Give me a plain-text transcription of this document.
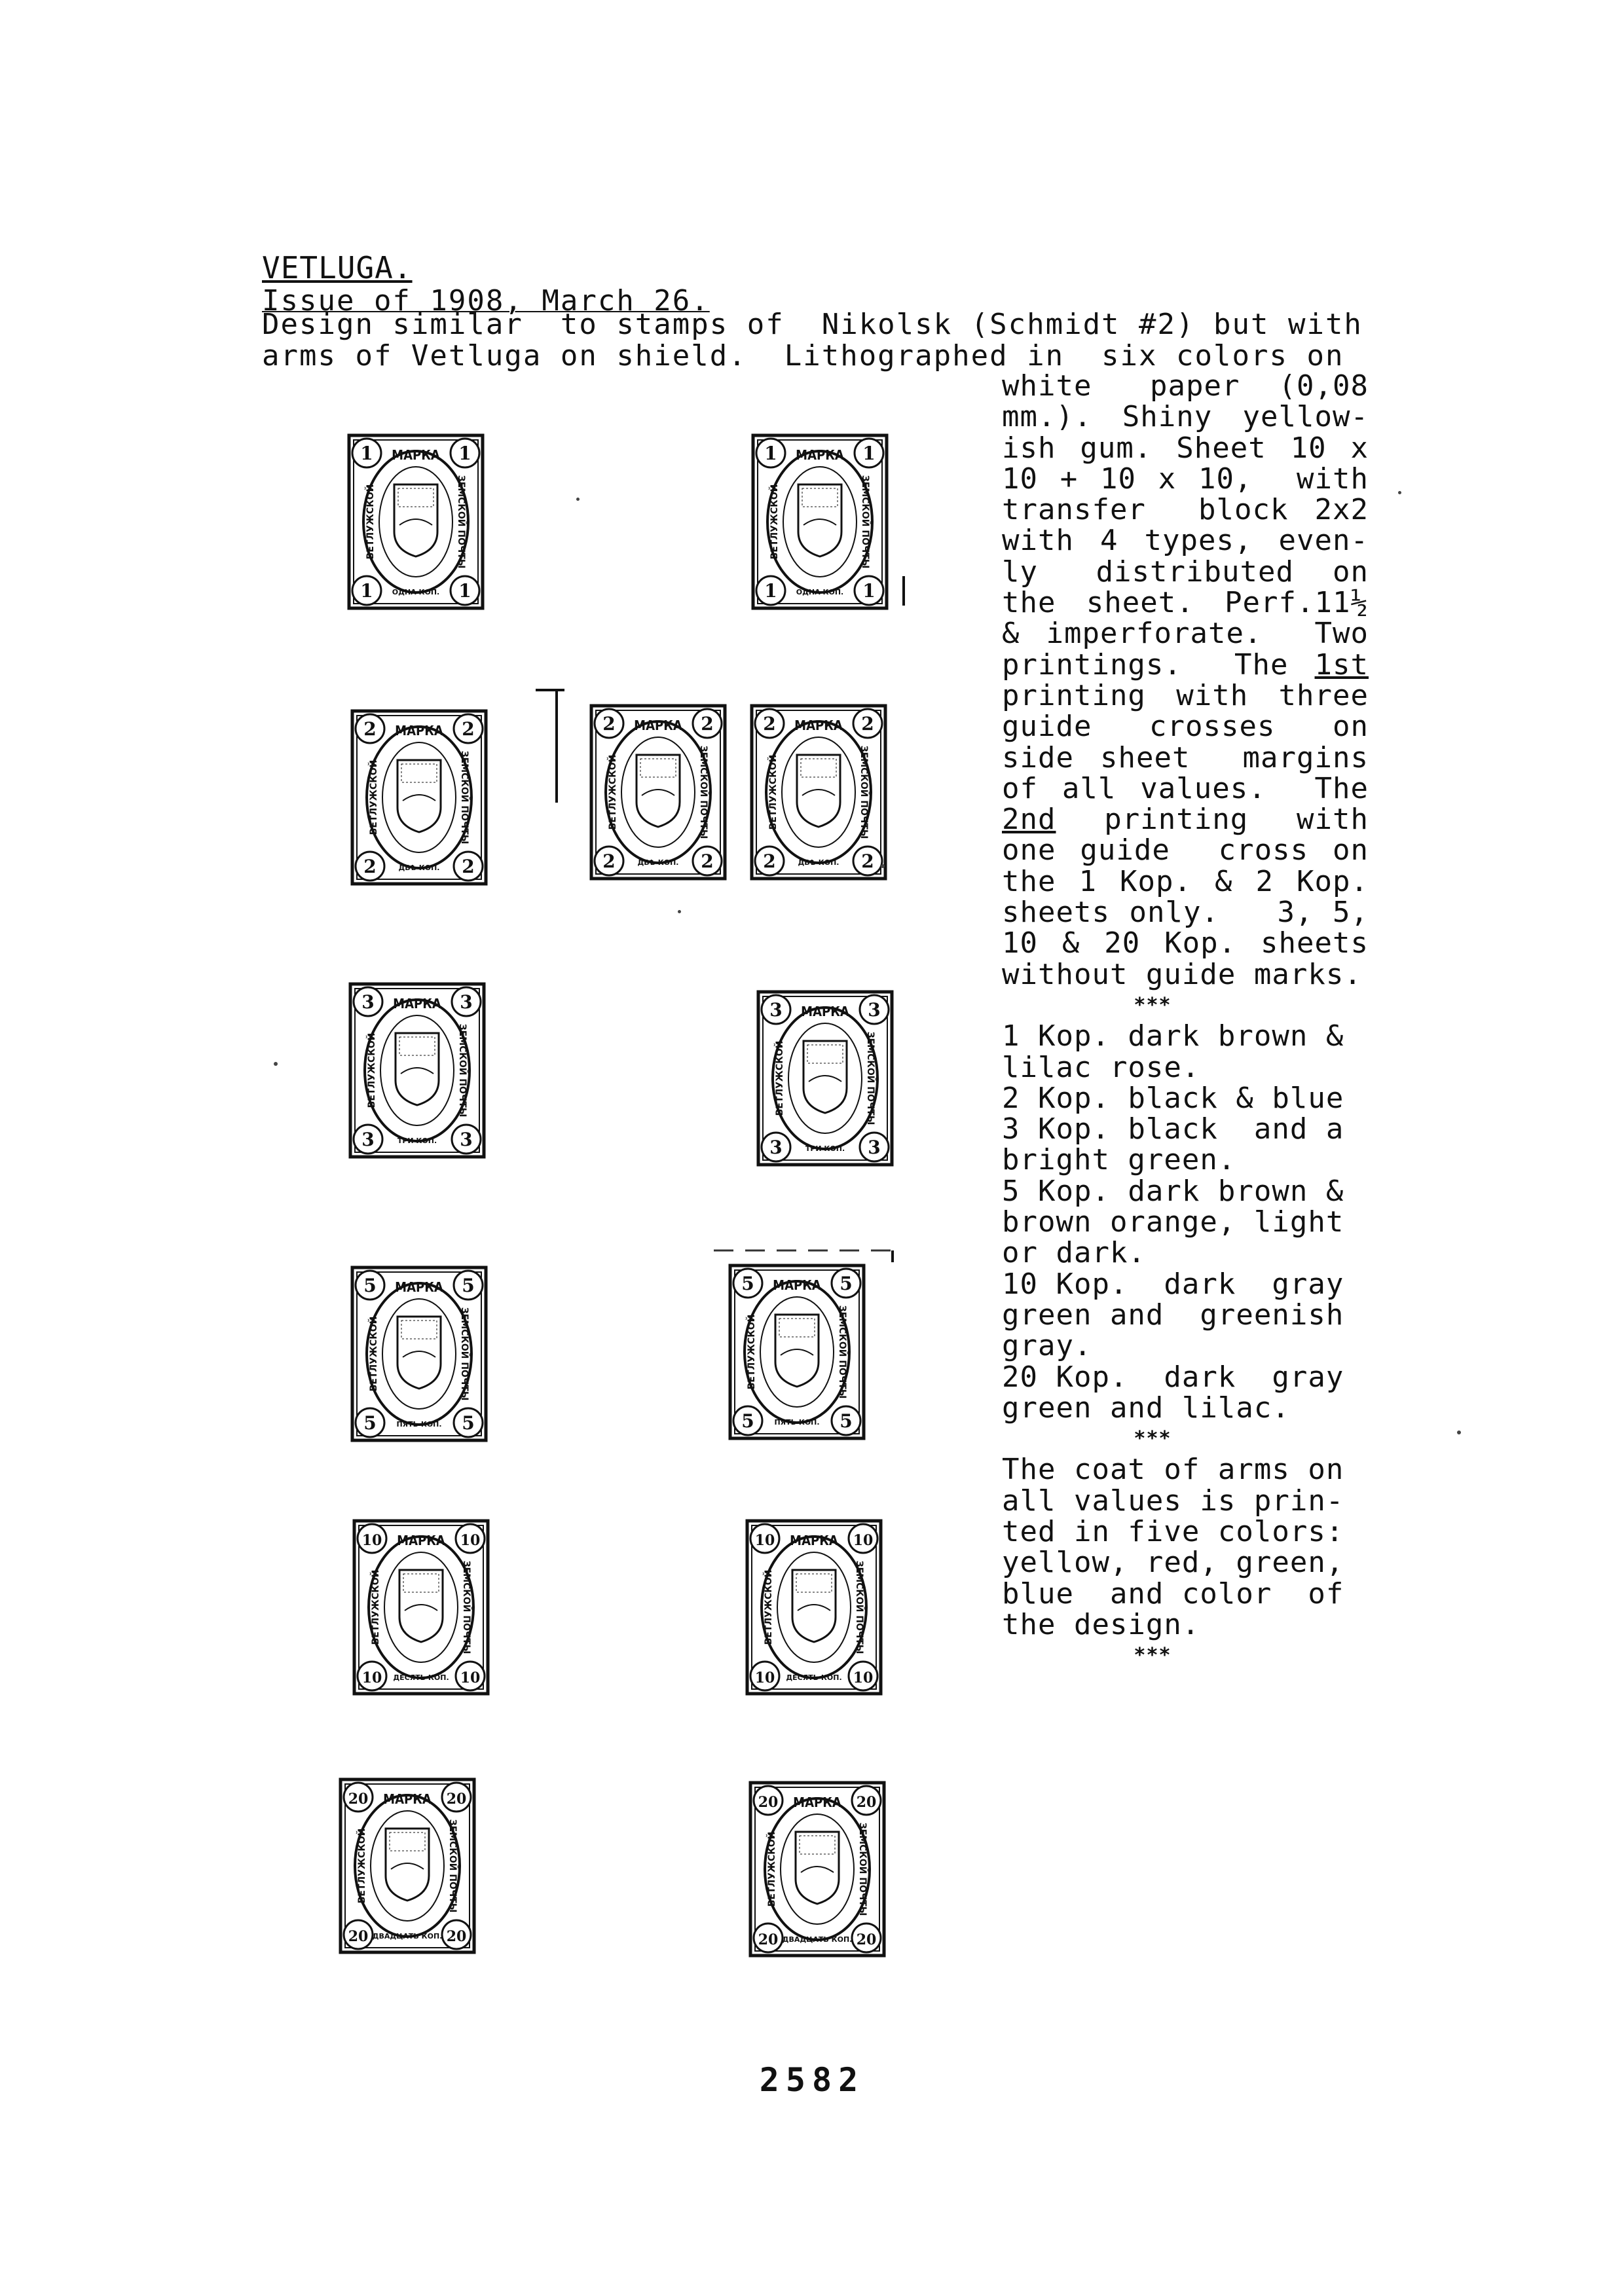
VETLUGA.
Issue of 1908, March 26.
Design similar  to stamps of  Nikolsk (Schmidt #2) but with
arms of Vetluga on shield.  Lithographed in  six colors on
white   paper  (0,08
mm.). Shiny yellow-
ish gum. Sheet 10 x
10 + 10 x 10,  with
transfer  block 2x2
with 4 types, even-
ly   distributed  on
the sheet. Perf.11½
& imperforate.  Two
printings.  The 1st
printing with three
guide   crosses   on
side sheet  margins
of all values.  The
2nd  printing  with
one guide  cross on
the 1 Kop. & 2 Kop.
sheets only.   3, 5,
10 & 20 Kop. sheets
without guide marks.
***
1 Kop. dark brown &
lilac rose.
2 Kop. black & blue
3 Kop. black  and a
bright green.
5 Kop. dark brown &
brown orange, light
or dark.
10 Kop.  dark  gray
green and  greenish
gray.
20 Kop.  dark  gray
green and lilac.
***
The coat of arms on
all values is prin-
ted in five colors:
yellow, red, green,
blue  and color  of
the design.
***
1	1
1	1
МАРКА
ОДНА КОП.
ВЕТЛУЖСКОЙ	ЗЕМСКОЙ ПОЧТЫ
1	1
1	1
МАРКА
ОДНА КОП.
ВЕТЛУЖСКОЙ	ЗЕМСКОЙ ПОЧТЫ
2	2
2	2
МАРКА
ДВѢ КОП.
ВЕТЛУЖСКОЙ	ЗЕМСКОЙ ПОЧТЫ
2	2
2	2
МАРКА
ДВѢ КОП.
ВЕТЛУЖСКОЙ	ЗЕМСКОЙ ПОЧТЫ
2	2
2	2
МАРКА
ДВѢ КОП.
ВЕТЛУЖСКОЙ	ЗЕМСКОЙ ПОЧТЫ
3	3
3	3
МАРКА
ТРИ КОП.
ВЕТЛУЖСКОЙ	ЗЕМСКОЙ ПОЧТЫ
3	3
3	3
МАРКА
ТРИ КОП.
ВЕТЛУЖСКОЙ	ЗЕМСКОЙ ПОЧТЫ
5	5
5	5
МАРКА
ПЯТЬ КОП.
ВЕТЛУЖСКОЙ	ЗЕМСКОЙ ПОЧТЫ
5	5
5	5
МАРКА
ПЯТЬ КОП.
ВЕТЛУЖСКОЙ	ЗЕМСКОЙ ПОЧТЫ
10	10
10	10
МАРКА
ДЕСЯТЬ КОП.
ВЕТЛУЖСКОЙ	ЗЕМСКОЙ ПОЧТЫ
10	10
10	10
МАРКА
ДЕСЯТЬ КОП.
ВЕТЛУЖСКОЙ	ЗЕМСКОЙ ПОЧТЫ
20	20
20	20
МАРКА
ДВАДЦАТЬ КОП.
ВЕТЛУЖСКОЙ	ЗЕМСКОЙ ПОЧТЫ
20	20
20	20
МАРКА
ДВАДЦАТЬ КОП.
ВЕТЛУЖСКОЙ	ЗЕМСКОЙ ПОЧТЫ
2582
